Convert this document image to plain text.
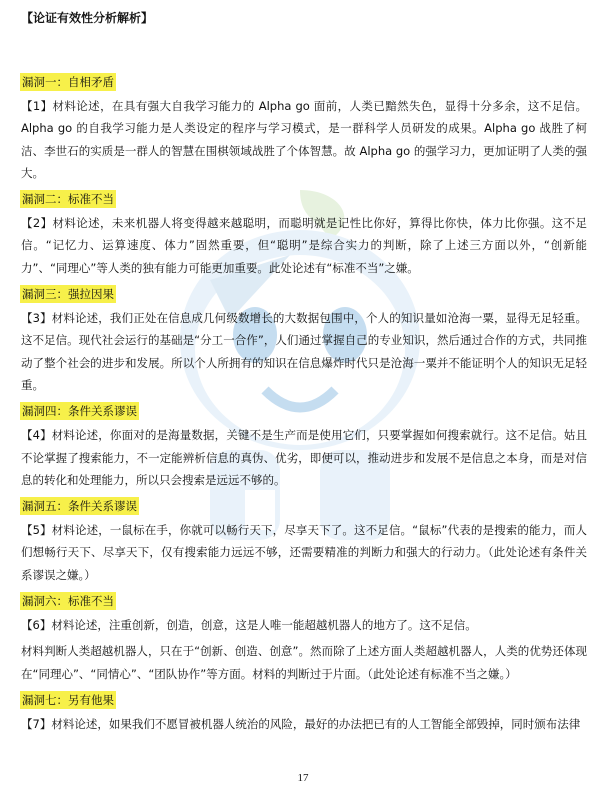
【论证有效性分析解析】
漏洞一：自相矛盾
【1】材料论述，在具有强大自我学习能力的 Alpha go 面前，人类已黯然失色，显得十分多余，这不足信。Alpha go 的自我学习能力是人类设定的程序与学习模式，是一群科学人员研发的成果。Alpha go 战胜了柯洁、李世石的实质是一群人的智慧在围棋领域战胜了个体智慧。故 Alpha go 的强学习力，更加证明了人类的强大。
漏洞二：标准不当
【2】材料论述，未来机器人将变得越来越聪明，而聪明就是记性比你好，算得比你快，体力比你强。这不足信。“记忆力、运算速度、体力”固然重要，但“聪明”是综合实力的判断，除了上述三方面以外，“创新能力”、“同理心”等人类的独有能力可能更加重要。此处论述有“标准不当”之嫌。
漏洞三：强拉因果
【3】材料论述，我们正处在信息成几何级数增长的大数据包围中，个人的知识量如沧海一粟，显得无足轻重。这不足信。现代社会运行的基础是“分工一合作”，人们通过掌握自己的专业知识，然后通过合作的方式，共同推动了整个社会的进步和发展。所以个人所拥有的知识在信息爆炸时代只是沧海一粟并不能证明个人的知识无足轻重。
漏洞四：条件关系谬误
【4】材料论述，你面对的是海量数据，关键不是生产而是使用它们，只要掌握如何搜索就行。这不足信。姑且不论掌握了搜索能力，不一定能辨析信息的真伪、优劣，即便可以，推动进步和发展不是信息之本身，而是对信息的转化和处理能力，所以只会搜索是远远不够的。
漏洞五：条件关系谬误
【5】材料论述，一鼠标在手，你就可以畅行天下，尽享天下了。这不足信。“鼠标”代表的是搜索的能力，而人们想畅行天下、尽享天下，仅有搜索能力远远不够，还需要精准的判断力和强大的行动力。（此处论述有条件关系谬误之嫌。）
漏洞六：标准不当
【6】材料论述，注重创新，创造，创意，这是人唯一能超越机器人的地方了。这不足信。
材料判断人类超越机器人，只在于“创新、创造、创意”。然而除了上述方面人类超越机器人，人类的优势还体现在“同理心”、“同情心”、“团队协作”等方面。材料的判断过于片面。（此处论述有标准不当之嫌。）
漏洞七：另有他果
【7】材料论述，如果我们不愿冒被机器人统治的风险，最好的办法把已有的人工智能全部毁掉，同时颁布法律
17
